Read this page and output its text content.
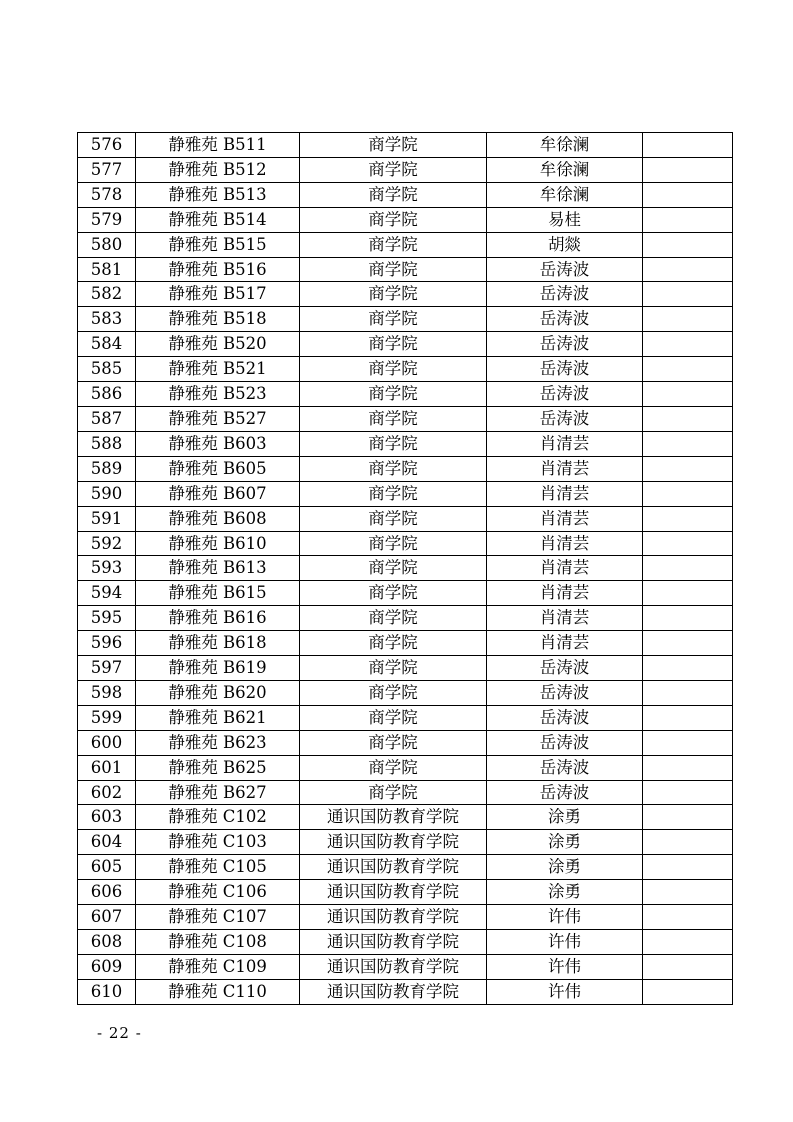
576	静雅苑 B511	商学院	牟徐澜	
577	静雅苑 B512	商学院	牟徐澜	
578	静雅苑 B513	商学院	牟徐澜	
579	静雅苑 B514	商学院	易桂	
580	静雅苑 B515	商学院	胡燚	
581	静雅苑 B516	商学院	岳涛波	
582	静雅苑 B517	商学院	岳涛波	
583	静雅苑 B518	商学院	岳涛波	
584	静雅苑 B520	商学院	岳涛波	
585	静雅苑 B521	商学院	岳涛波	
586	静雅苑 B523	商学院	岳涛波	
587	静雅苑 B527	商学院	岳涛波	
588	静雅苑 B603	商学院	肖清芸	
589	静雅苑 B605	商学院	肖清芸	
590	静雅苑 B607	商学院	肖清芸	
591	静雅苑 B608	商学院	肖清芸	
592	静雅苑 B610	商学院	肖清芸	
593	静雅苑 B613	商学院	肖清芸	
594	静雅苑 B615	商学院	肖清芸	
595	静雅苑 B616	商学院	肖清芸	
596	静雅苑 B618	商学院	肖清芸	
597	静雅苑 B619	商学院	岳涛波	
598	静雅苑 B620	商学院	岳涛波	
599	静雅苑 B621	商学院	岳涛波	
600	静雅苑 B623	商学院	岳涛波	
601	静雅苑 B625	商学院	岳涛波	
602	静雅苑 B627	商学院	岳涛波	
603	静雅苑 C102	通识国防教育学院	涂勇	
604	静雅苑 C103	通识国防教育学院	涂勇	
605	静雅苑 C105	通识国防教育学院	涂勇	
606	静雅苑 C106	通识国防教育学院	涂勇	
607	静雅苑 C107	通识国防教育学院	许伟	
608	静雅苑 C108	通识国防教育学院	许伟	
609	静雅苑 C109	通识国防教育学院	许伟	
610	静雅苑 C110	通识国防教育学院	许伟	
- 22 -
